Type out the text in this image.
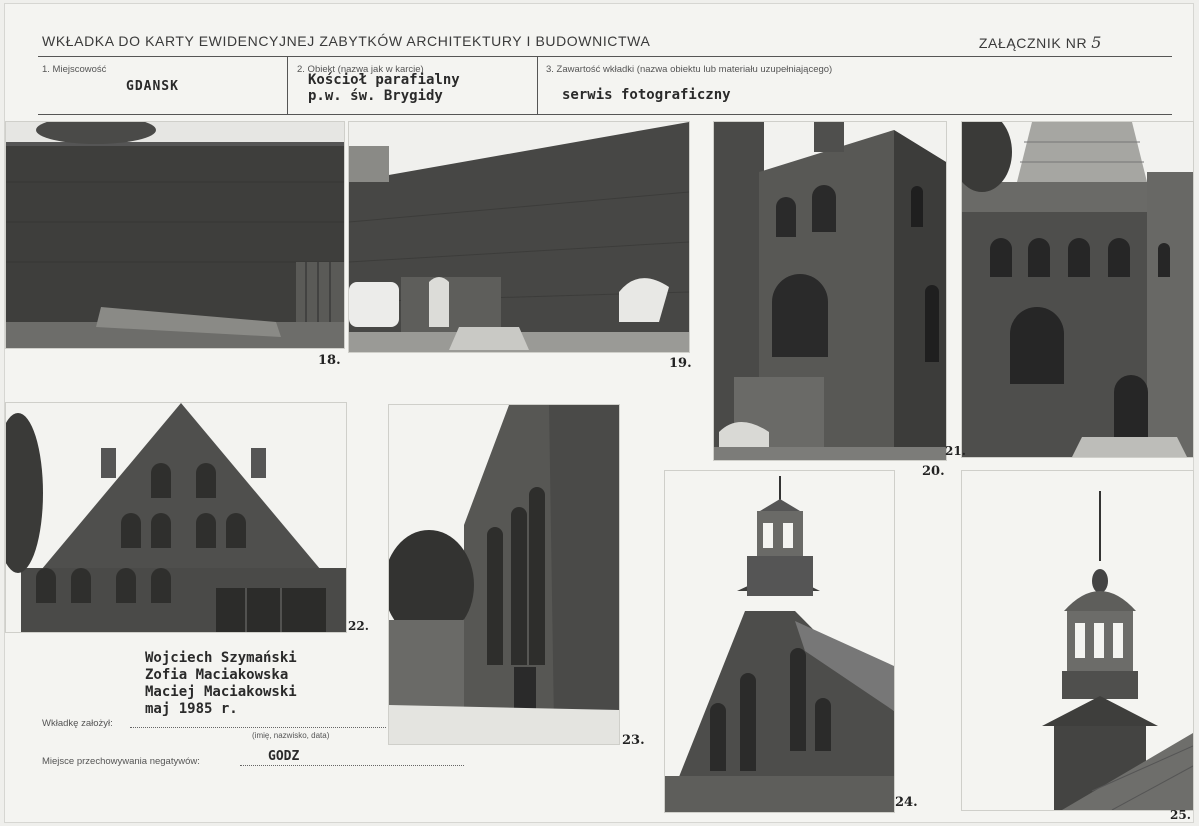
WKŁADKA DO KARTY EWIDENCYJNEJ ZABYTKÓW ARCHITEKTURY I BUDOWNICTWA	ZAŁĄCZNIK NR 5
1. Miejscowość
GDANSK
2. Obiekt (nazwa jak w karcie)
Kościoł parafialny
p.w. św. Brygidy
3. Zawartość wkładki (nazwa obiektu lub materiału uzupełniającego)
serwis fotograficzny
18.	19.
20.
21.
22.
23.
24.
25.
Wojciech Szymański
Zofia Maciakowska
Maciej Maciakowski
maj 1985 r.
Wkładkę założył:
(imię, nazwisko, data)
Miejsce przechowywania negatywów:	GODZ
